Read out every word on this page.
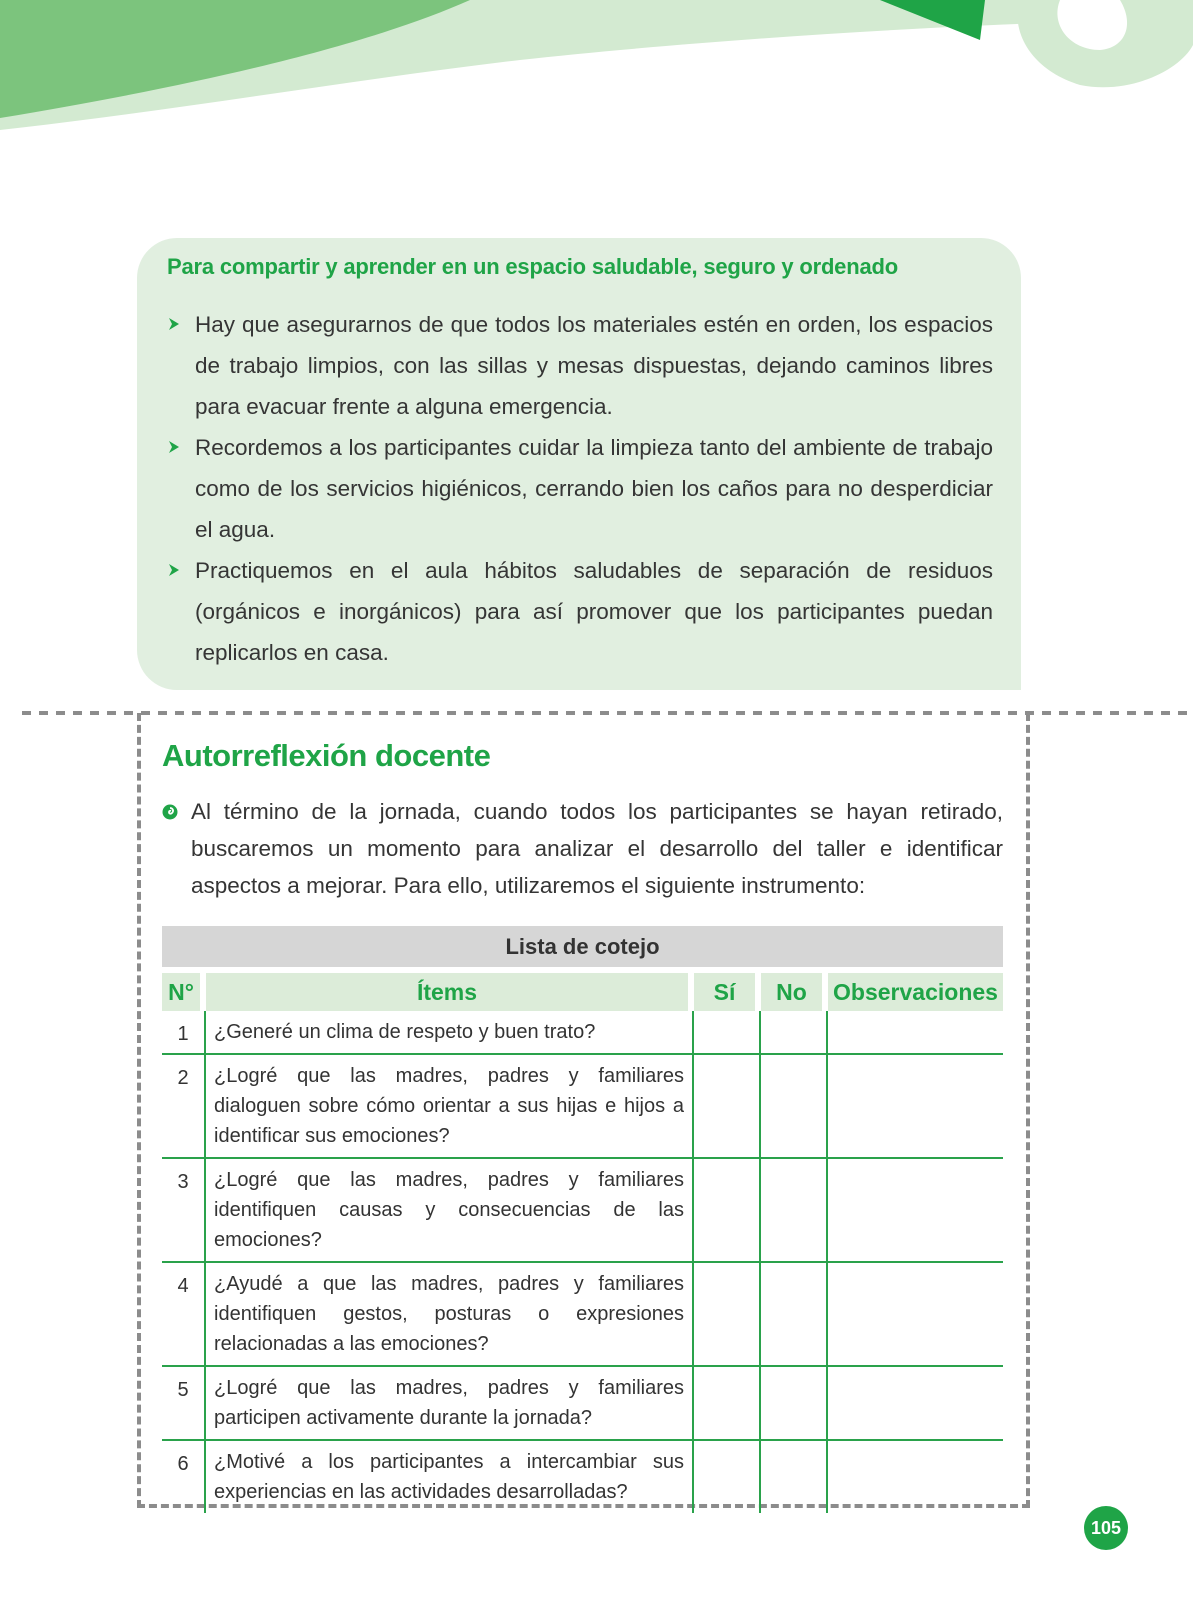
Para compartir y aprender en un espacio saludable, seguro y ordenado
Hay que asegurarnos de que todos los materiales estén en orden, los espacios de trabajo limpios, con las sillas y mesas dispuestas, dejando caminos libres para evacuar frente a alguna emergencia.
Recordemos a los participantes cuidar la limpieza tanto del ambiente de trabajo como de los servicios higiénicos, cerrando bien los caños para no desperdiciar el agua.
Practiquemos en el aula hábitos saludables de separación de residuos (orgánicos e inorgánicos) para así promover que los participantes puedan replicarlos en casa.
Autorreflexión docente
Al término de la jornada, cuando todos los participantes se hayan retirado, buscaremos un momento para analizar el desarrollo del taller e identificar aspectos a mejorar. Para ello, utilizaremos el siguiente instrumento:
Lista de cotejo
N°	Ítems	Sí	No	Observaciones
1	¿Generé un clima de respeto y buen trato?			
2	¿Logré que las madres, padres y familiares dialoguen sobre cómo orientar a sus hijas e hijos a identificar sus emociones?			
3	¿Logré que las madres, padres y familiares identifiquen causas y consecuencias de las emociones?			
4	¿Ayudé a que las madres, padres y familiares identifiquen gestos, posturas o expresiones relacionadas a las emociones?			
5	¿Logré que las madres, padres y familiares participen activamente durante la jornada?			
6	¿Motivé a los participantes a intercambiar sus experiencias en las actividades desarrolladas?			
105
